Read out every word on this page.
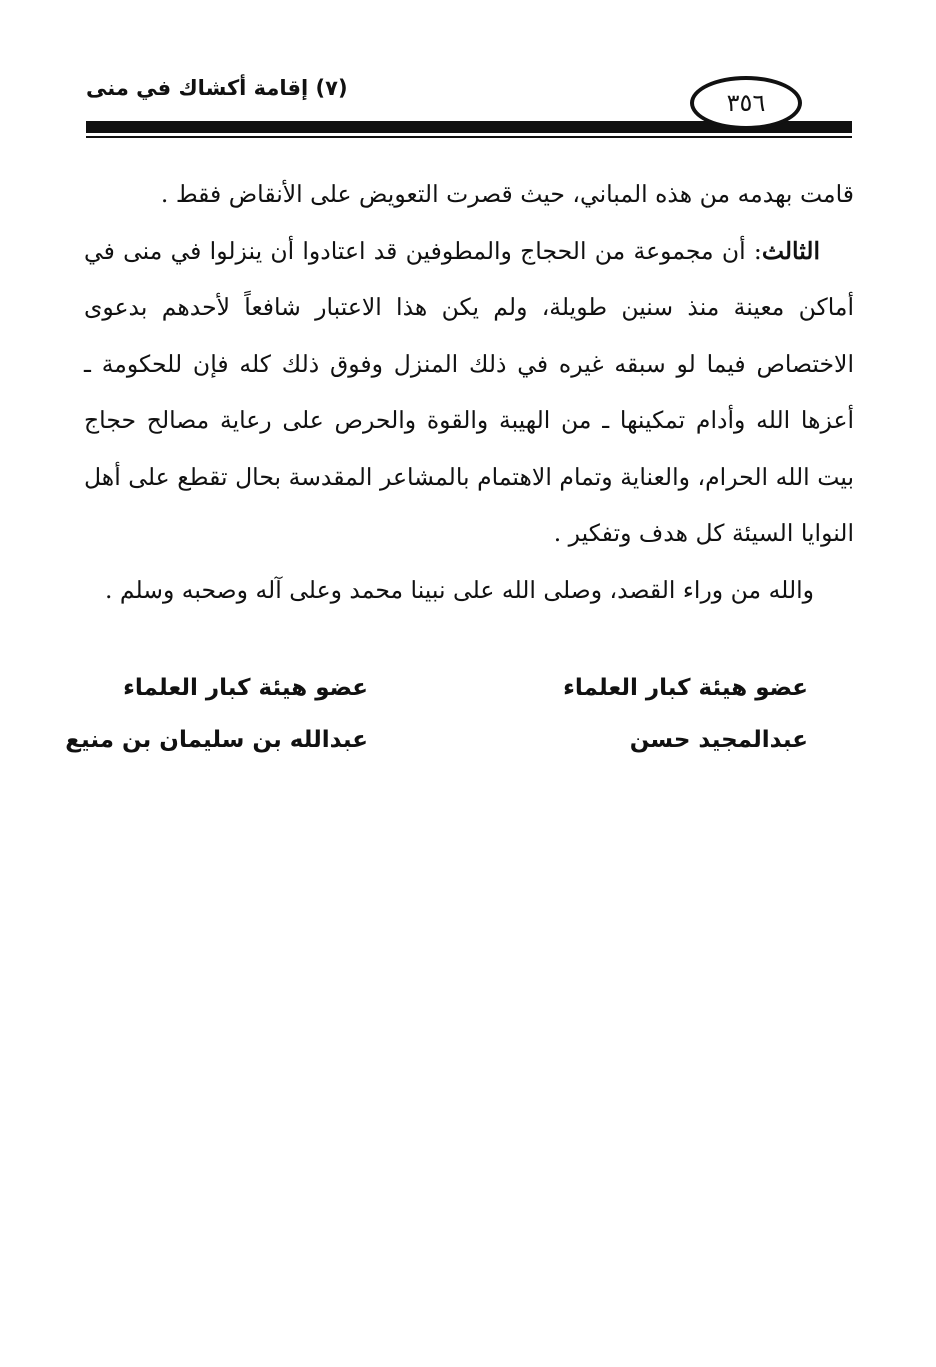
(٧) إقامة أكشاك في منى
٣٥٦

قامت بهدمه من هذه المباني، حيث قصرت التعويض على الأنقاض فقط .

الثالث: أن مجموعة من الحجاج والمطوفين قد اعتادوا أن ينزلوا في منى في أماكن معينة منذ سنين طويلة، ولم يكن هذا الاعتبار شافعاً لأحدهم بدعوى الاختصاص فيما لو سبقه غيره في ذلك المنزل وفوق ذلك كله فإن للحكومة ـ أعزها الله وأدام تمكينها ـ من الهيبة والقوة والحرص على رعاية مصالح حجاج بيت الله الحرام، والعناية وتمام الاهتمام بالمشاعر المقدسة بحال تقطع على أهل النوايا السيئة كل هدف وتفكير .

والله من وراء القصد، وصلى الله على نبينا محمد وعلى آله وصحبه وسلم .

عضو هيئة كبار العلماء
عبدالمجيد حسن
عضو هيئة كبار العلماء
عبدالله بن سليمان بن منيع
